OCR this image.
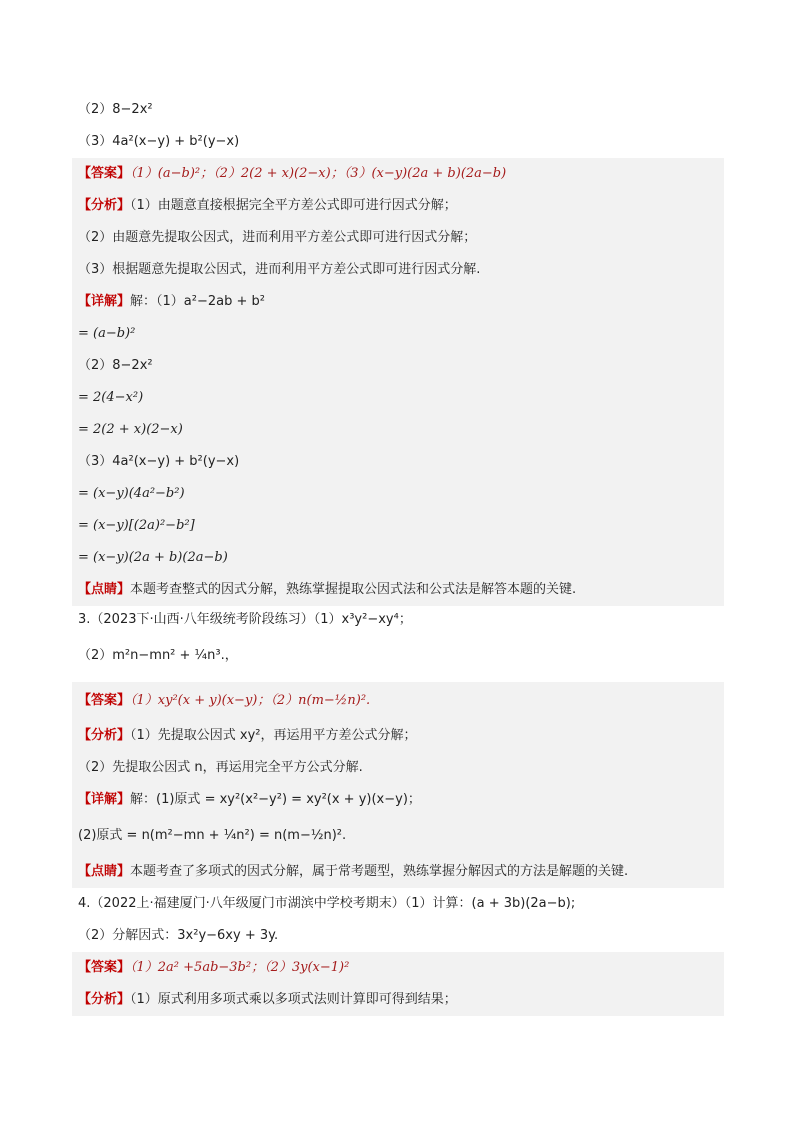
（2）8−2x²
（3）4a²(x−y) + b²(y−x)
【答案】（1）(a−b)²；（2）2(2 + x)(2−x)；（3）(x−y)(2a + b)(2a−b)
【分析】（1）由题意直接根据完全平方差公式即可进行因式分解；
（2）由题意先提取公因式，进而利用平方差公式即可进行因式分解；
（3）根据题意先提取公因式，进而利用平方差公式即可进行因式分解.
【详解】解：（1）a²−2ab + b²
= (a−b)²
（2）8−2x²
= 2(4−x²)
= 2(2 + x)(2−x)
（3）4a²(x−y) + b²(y−x)
= (x−y)(4a²−b²)
= (x−y)[(2a)²−b²]
= (x−y)(2a + b)(2a−b)
【点睛】本题考查整式的因式分解，熟练掌握提取公因式法和公式法是解答本题的关键.
3.（2023下·山西·八年级统考阶段练习）（1）x³y²−xy⁴；
（2）m²n−mn² + ¼n³.，
【答案】（1）xy²(x + y)(x−y)；（2）n(m−½n)².
【分析】（1）先提取公因式 xy²，再运用平方差公式分解；
（2）先提取公因式 n，再运用完全平方公式分解.
【详解】解：(1)原式 = xy²(x²−y²) = xy²(x + y)(x−y)；
(2)原式 = n(m²−mn + ¼n²) = n(m−½n)².
【点睛】本题考查了多项式的因式分解，属于常考题型，熟练掌握分解因式的方法是解题的关键.
4.（2022上·福建厦门·八年级厦门市湖滨中学校考期末）（1）计算：(a + 3b)(2a−b);
（2）分解因式：3x²y−6xy + 3y.
【答案】（1）2a² +5ab−3b²；（2）3y(x−1)²
【分析】（1）原式利用多项式乘以多项式法则计算即可得到结果；
